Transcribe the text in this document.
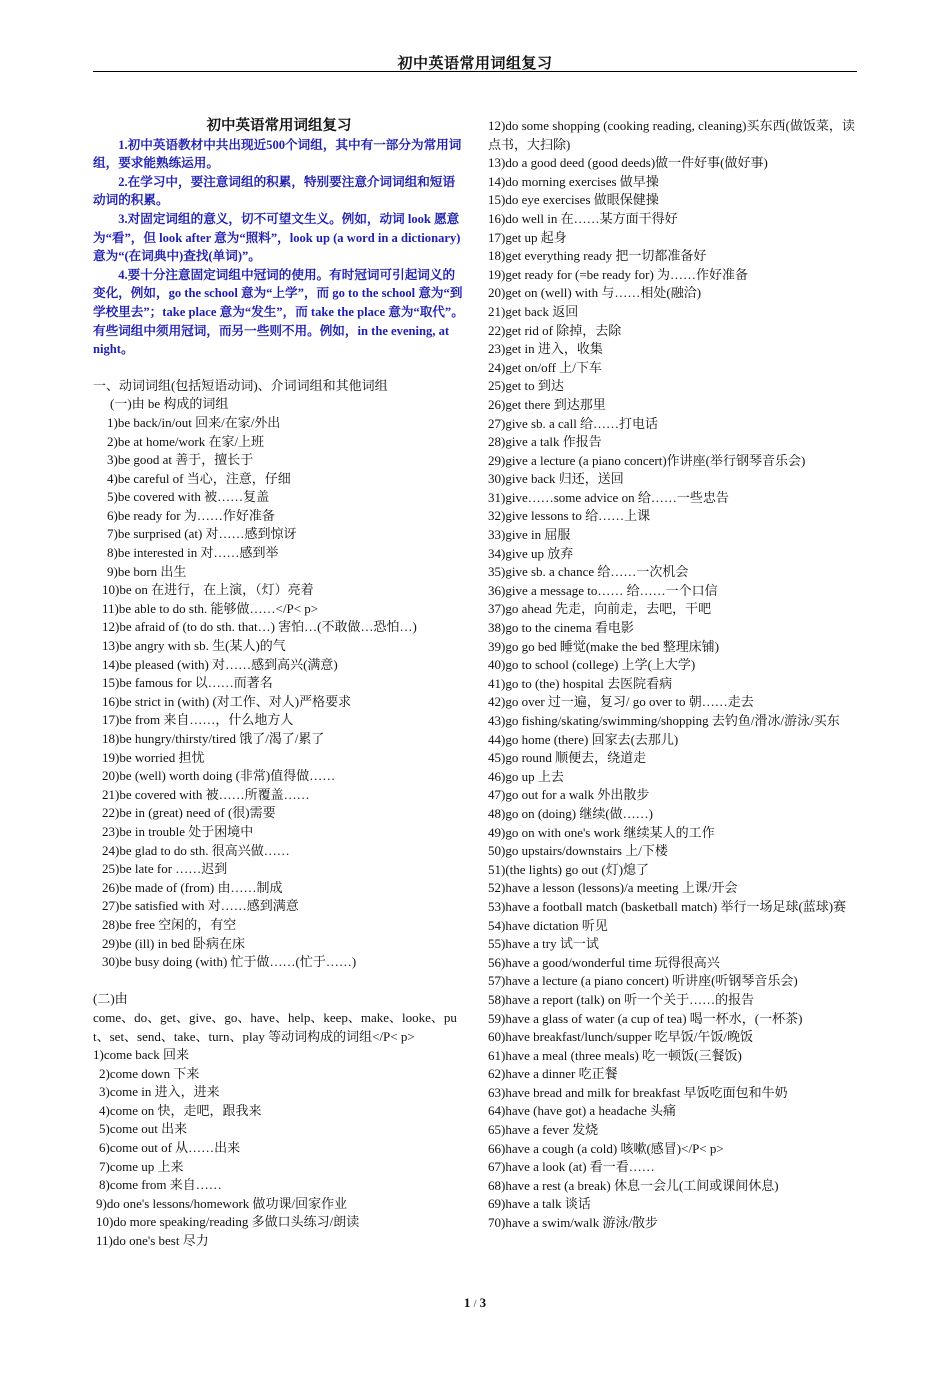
初中英语常用词组复习
初中英语常用词组复习

1.初中英语教材中共出现近500个词组，其中有一部分为常用词组，要求能熟练运用。

2.在学习中，要注意词组的积累，特别要注意介词词组和短语动词的积累。

3.对固定词组的意义，切不可望文生义。例如，动词 look 愿意为“看”，但 look after 意为“照料”，look up (a word in a dictionary)意为“(在词典中)查找(单词)”。

4.要十分注意固定词组中冠词的使用。有时冠词可引起词义的变化，例如，go the school 意为“上学”，而 go to the school 意为“到学校里去”；take place 意为“发生”，而 take the place 意为“取代”。有些词组中须用冠词，而另一些则不用。例如，in the evening, at night。

一、动词词组(包括短语动词)、介词词组和其他词组
(一)由 be 构成的词组
1)be back/in/out 回来/在家/外出
2)be at home/work 在家/上班
3)be good at 善于，擅长于
4)be careful of 当心，注意，仔细
5)be covered with 被……复盖
6)be ready for 为……作好准备
7)be surprised (at) 对……感到惊讶
8)be interested in 对……感到举
9)be born 出生
10)be on 在进行，在上演，（灯）亮着
11)be able to do sth. 能够做……</P< p>
12)be afraid of (to do sth. that…) 害怕…(不敢做…恐怕…)
13)be angry with sb. 生(某人)的气
14)be pleased (with) 对……感到高兴(满意)
15)be famous for 以……而著名
16)be strict in (with) (对工作、对人)严格要求
17)be from 来自……，什么地方人
18)be hungry/thirsty/tired 饿了/渴了/累了
19)be worried 担忧
20)be (well) worth doing (非常)值得做……
21)be covered with 被……所覆盖……
22)be in (great) need of (很)需要
23)be in trouble 处于困境中
24)be glad to do sth. 很高兴做……
25)be late for ……迟到
26)be made of (from) 由……制成
27)be satisfied with 对……感到满意
28)be free 空闲的，有空
29)be (ill) in bed 卧病在床
30)be busy doing (with) 忙于做……(忙于……)
(二)由
come、do、get、give、go、have、help、keep、make、looke、put、set、send、take、turn、play 等动词构成的词组</P< p>
1)come back 回来
2)come down 下来
3)come in 进入，进来
4)come on 快，走吧，跟我来
5)come out 出来
6)come out of 从……出来
7)come up 上来
8)come from 来自……
9)do one's lessons/homework 做功课/回家作业
10)do more speaking/reading 多做口头练习/朗读
11)do one's best 尽力
12)do some shopping (cooking reading, cleaning)买东西(做饭菜，读点书，大扫除)
13)do a good deed (good deeds)做一件好事(做好事)
14)do morning exercises 做早操
15)do eye exercises 做眼保健操
16)do well in 在……某方面干得好
17)get up 起身
18)get everything ready 把一切都准备好
19)get ready for (=be ready for) 为……作好准备
20)get on (well) with 与……相处(融洽)
21)get back 返回
22)get rid of 除掉，去除
23)get in 进入，收集
24)get on/off 上/下车
25)get to 到达
26)get there 到达那里
27)give sb. a call 给……打电话
28)give a talk 作报告
29)give a lecture (a piano concert)作讲座(举行钢琴音乐会)
30)give back 归还，送回
31)give……some advice on 给……一些忠告
32)give lessons to 给……上课
33)give in 屈服
34)give up 放弃
35)give sb. a chance 给……一次机会
36)give a message to…… 给……一个口信
37)go ahead 先走，向前走，去吧，干吧
38)go to the cinema 看电影
39)go go bed 睡觉(make the bed 整理床铺)
40)go to school (college) 上学(上大学)
41)go to (the) hospital 去医院看病
42)go over 过一遍，复习/ go over to 朝……走去
43)go fishing/skating/swimming/shopping 去钓鱼/滑冰/游泳/买东
44)go home (there) 回家去(去那儿)
45)go round 顺便去，绕道走
46)go up 上去
47)go out for a walk 外出散步
48)go on (doing) 继续(做……)
49)go on with one's work 继续某人的工作
50)go upstairs/downstairs 上/下楼
51)(the lights) go out (灯)熄了
52)have a lesson (lessons)/a meeting 上课/开会
53)have a football match (basketball match) 举行一场足球(蓝球)赛
54)have dictation 听见
55)have a try 试一试
56)have a good/wonderful time 玩得很高兴
57)have a lecture (a piano concert) 听讲座(听钢琴音乐会)
58)have a report (talk) on 听一个关于……的报告
59)have a glass of water (a cup of tea) 喝一杯水，(一杯茶)
60)have breakfast/lunch/supper 吃早饭/午饭/晚饭
61)have a meal (three meals) 吃一顿饭(三餐饭)
62)have a dinner 吃正餐
63)have bread and milk for breakfast 早饭吃面包和牛奶
64)have (have got) a headache 头痛
65)have a fever 发烧
66)have a cough (a cold) 咳嗽(感冒)</P< p>
67)have a look (at) 看一看……
68)have a rest (a break) 休息一会儿(工间或课间休息)
69)have a talk 谈话
70)have a swim/walk 游泳/散步
1 / 3
